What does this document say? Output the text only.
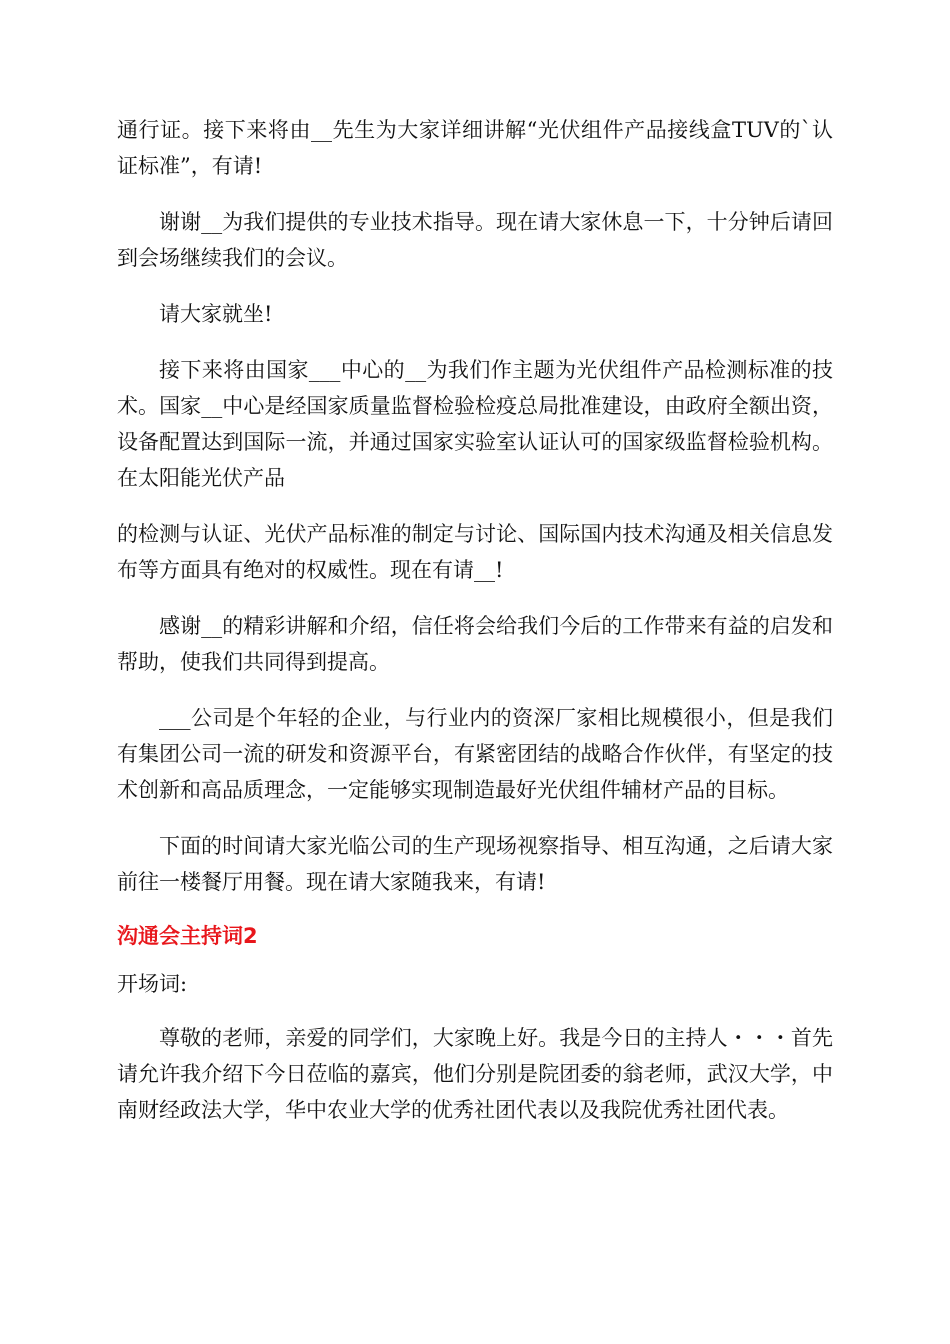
通行证。接下来将由__先生为大家详细讲解“光伏组件产品接线盒TUV的`认证标准”，有请!

谢谢__为我们提供的专业技术指导。现在请大家休息一下，十分钟后请回到会场继续我们的会议。

请大家就坐!

接下来将由国家___中心的__为我们作主题为光伏组件产品检测标准的技术。国家__中心是经国家质量监督检验检疫总局批准建设，由政府全额出资，设备配置达到国际一流，并通过国家实验室认证认可的国家级监督检验机构。在太阳能光伏产品

的检测与认证、光伏产品标准的制定与讨论、国际国内技术沟通及相关信息发布等方面具有绝对的权威性。现在有请__!

感谢__的精彩讲解和介绍，信任将会给我们今后的工作带来有益的启发和帮助，使我们共同得到提高。

___公司是个年轻的企业，与行业内的资深厂家相比规模很小，但是我们有集团公司一流的研发和资源平台，有紧密团结的战略合作伙伴，有坚定的技术创新和高品质理念，一定能够实现制造最好光伏组件辅材产品的目标。

下面的时间请大家光临公司的生产现场视察指导、相互沟通，之后请大家前往一楼餐厅用餐。现在请大家随我来，有请!

沟通会主持词2

开场词:

尊敬的老师，亲爱的同学们，大家晚上好。我是今日的主持人・・・首先请允许我介绍下今日莅临的嘉宾，他们分别是院团委的翁老师，武汉大学，中南财经政法大学，华中农业大学的优秀社团代表以及我院优秀社团代表。
